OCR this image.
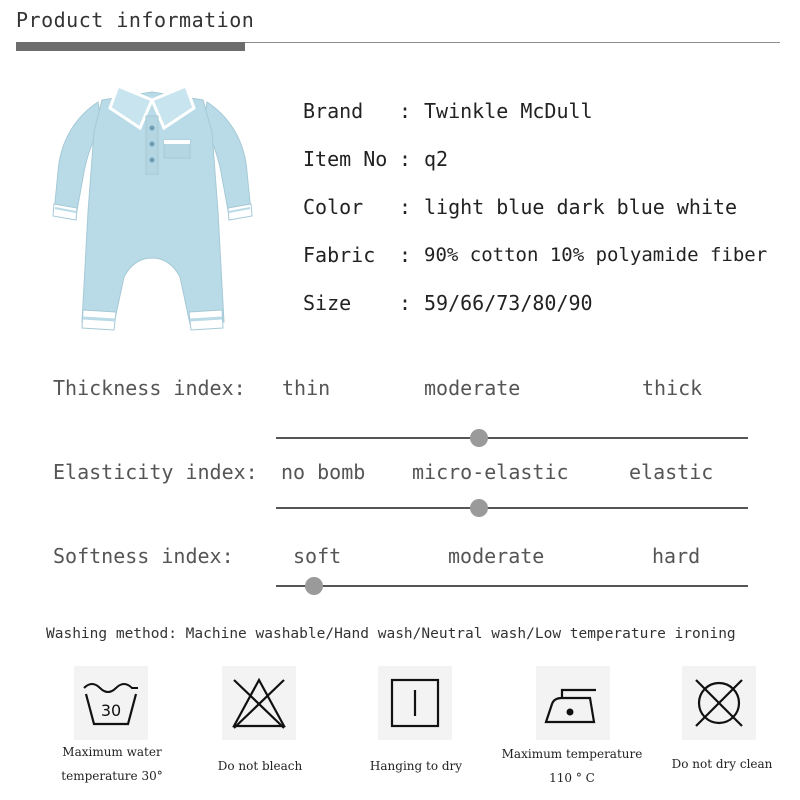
Product information
Brand : Twinkle McDull
Item No : q2
Color : light blue dark blue white
Fabric : 90% cotton 10% polyamide fiber
Size : 59/66/73/80/90
Thickness index: thin	moderate	thick
Elasticity index: no bomb micro-elastic	elastic
Softness index:	soft	moderate	hard
Washing method: Machine washable/Hand wash/Neutral wash/Low temperature ironing
30
Maximum water
temperature 30°
Do not bleach	Hanging to dry
Maximum temperature
110 ° C
Do not dry clean
